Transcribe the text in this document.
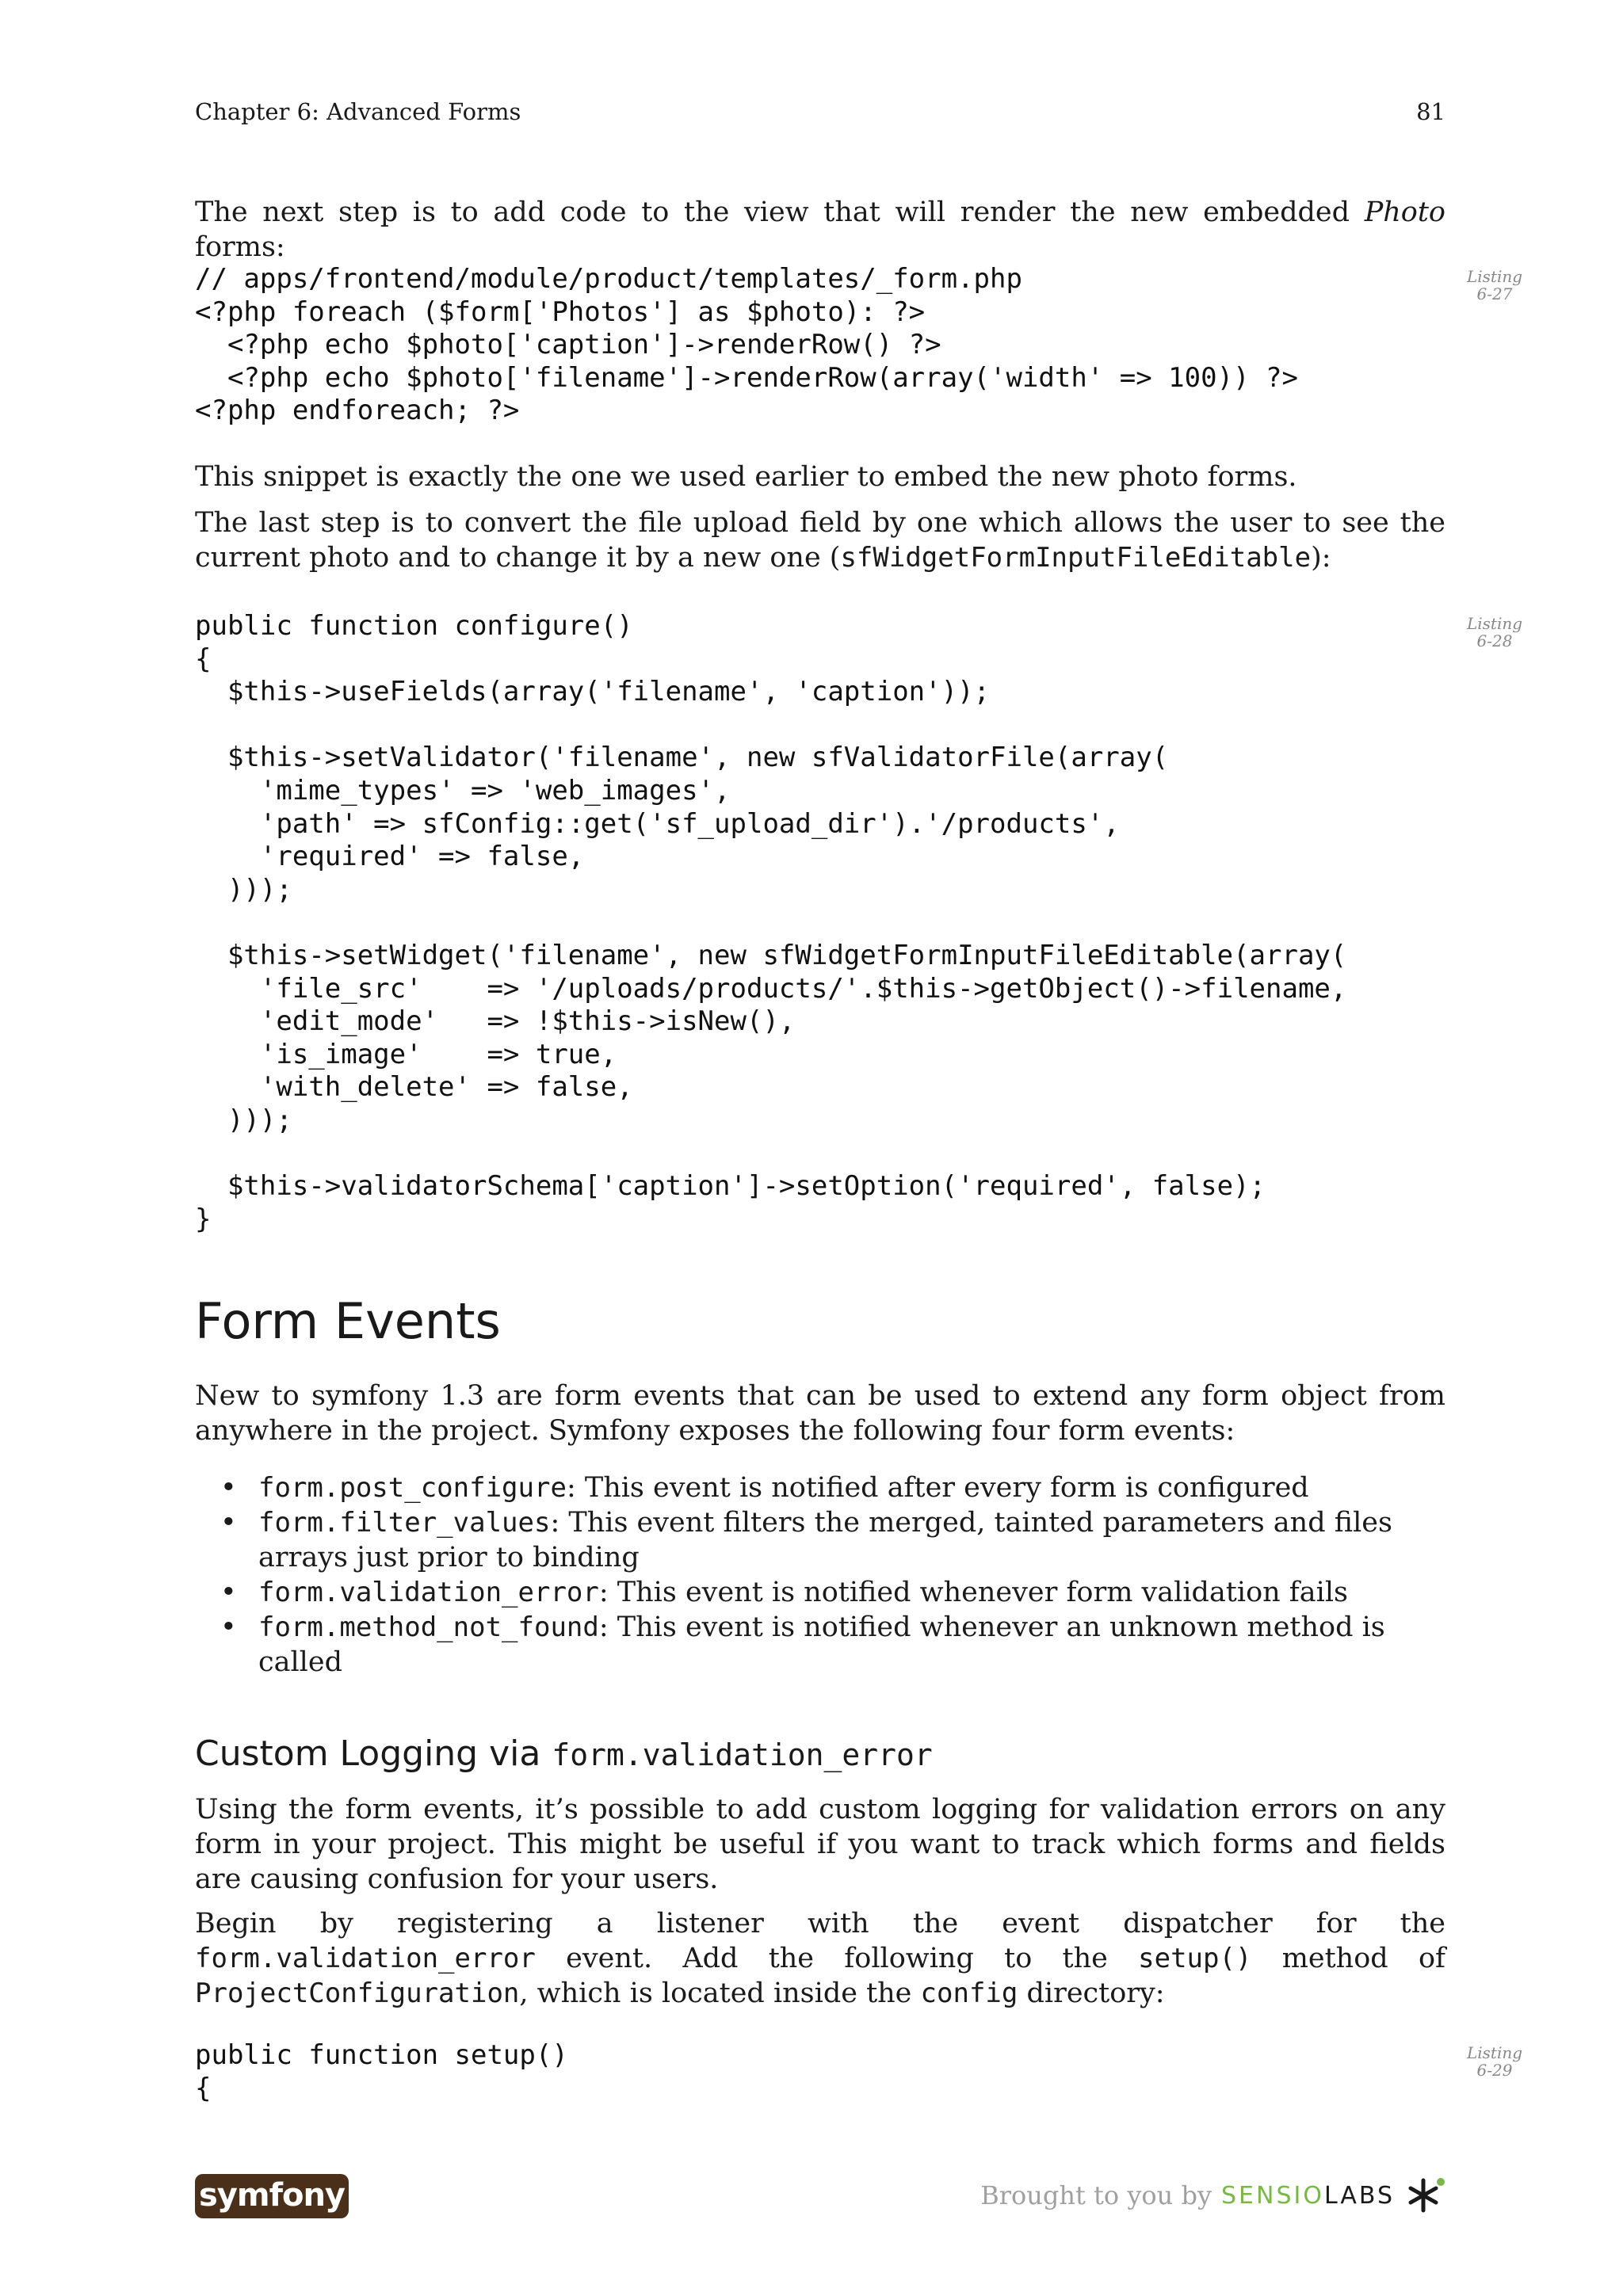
Chapter 6: Advanced Forms	81

The next step is to add code to the view that will render the new embedded Photo forms:

// apps/frontend/module/product/templates/_form.php
<?php foreach ($form['Photos'] as $photo): ?>
<?php echo $photo['caption']->renderRow() ?>
<?php echo $photo['filename']->renderRow(array('width' => 100)) ?>
<?php endforeach; ?>
Listing
6-27

This snippet is exactly the one we used earlier to embed the new photo forms.

The last step is to convert the file upload field by one which allows the user to see the current photo and to change it by a new one (sfWidgetFormInputFileEditable):

public function configure()
{
$this->useFields(array('filename', 'caption'));

$this->setValidator('filename', new sfValidatorFile(array(
'mime_types' => 'web_images',
'path' => sfConfig::get('sf_upload_dir').'/products',
'required' => false,
)));

$this->setWidget('filename', new sfWidgetFormInputFileEditable(array(
'file_src'    => '/uploads/products/'.$this->getObject()->filename,
'edit_mode'   => !$this->isNew(),
'is_image'    => true,
'with_delete' => false,
)));

$this->validatorSchema['caption']->setOption('required', false);
}
Listing
6-28
Form Events

New to symfony 1.3 are form events that can be used to extend any form object from anywhere in the project. Symfony exposes the following four form events:

• form.post_configure: This event is notified after every form is configured
• form.filter_values: This event filters the merged, tainted parameters and files arrays just prior to binding
• form.validation_error: This event is notified whenever form validation fails
• form.method_not_found: This event is notified whenever an unknown method is called
Custom Logging via form.validation_error

Using the form events, it’s possible to add custom logging for validation errors on any form in your project. This might be useful if you want to track which forms and fields are causing confusion for your users.

Begin by registering a listener with the event dispatcher for the form.validation_error event. Add the following to the setup() method of ProjectConfiguration, which is located inside the config directory:

public function setup()
{
Listing
6-29
symfony	Brought to you by SENSIO LABS
